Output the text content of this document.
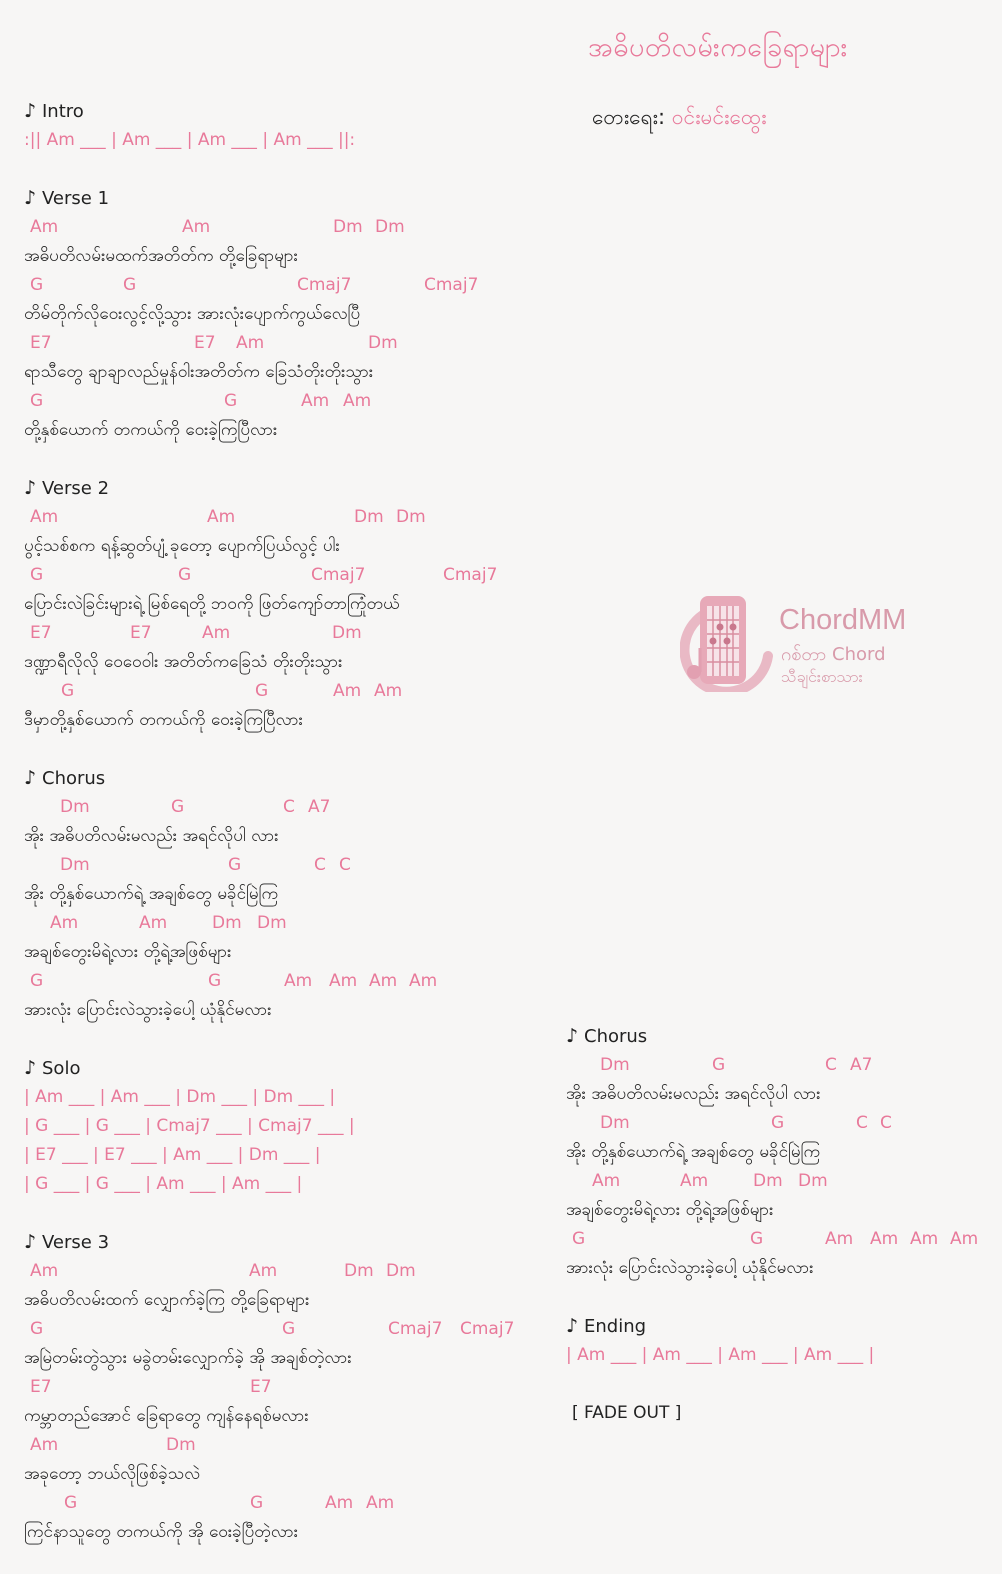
အဓိပတိလမ်းကခြေရာများ
တေးရေး: ဝင်းမင်းထွေး
ChordMM
ဂစ်တာ Chord
သီချင်းစာသား
♪ Intro
:|| Am ___ | Am ___ | Am ___ | Am ___ ||:
♪ Verse 1
Am	Am	Dm Dm
အဓိပတိလမ်းမထက်အတိတ်က တို့ခြေရာများ
G	G	Cmaj7	Cmaj7
တိမ်တိုက်လိုဝေးလွင့်လို့သွား အားလုံးပျောက်ကွယ်လေပြီ
E7	E7 Am	Dm
ရာသီတွေ ချာချာလည်မှုန်ဝါးအတိတ်က ခြေသံတိုးတိုးသွား
G	G	Am Am
တို့နှစ်ယောက် တကယ်ကို ဝေးခဲ့ကြပြီလား
♪ Verse 2
Am	Am	Dm Dm
ပွင့်သစ်စက ရန့်ဆွတ်ပျံ့ ခုတော့ ပျောက်ပြယ်လွင့် ပါး
G	G	Cmaj7	Cmaj7
ပြောင်းလဲခြင်းများရဲ့ မြစ်ရေတို့ ဘဝကို ဖြတ်ကျော်တာကြုံတယ်
E7	E7	Am	Dm
ဒဏ္ဍာရီလိုလို ဝေဝေဝါး အတိတ်ကခြေသံ တိုးတိုးသွား
G	G	Am Am
ဒီမှာတို့နှစ်ယောက် တကယ်ကို ဝေးခဲ့ကြပြီလား
♪ Chorus
Dm	G	C A7
အိုး အဓိပတိလမ်းမလည်း အရင်လိုပါ လား
Dm	G	C C
အိုး တို့နှစ်ယောက်ရဲ့ အချစ်တွေ မခိုင်မြဲကြ
Am	Am	Dm Dm
အချစ်တွေးမိရဲ့လား တို့ရဲ့အဖြစ်များ
G	G	Am Am Am Am
အားလုံး ပြောင်းလဲသွားခဲ့ပေါ့ ယုံနိုင်မလား
♪ Solo
| Am ___ | Am ___ | Dm ___ | Dm ___ |
| G ___ | G ___ | Cmaj7 ___ | Cmaj7 ___ |
| E7 ___ | E7 ___ | Am ___ | Dm ___ |
| G ___ | G ___ | Am ___ | Am ___ |
♪ Verse 3
Am	Am	Dm Dm
အဓိပတိလမ်းထက် လျှောက်ခဲ့ကြ တို့ခြေရာများ
G	G	Cmaj7 Cmaj7
အမြဲတမ်းတွဲသွား မခွဲတမ်းလျှောက်ခဲ့ အို အချစ်တဲ့လား
E7	E7
ကမ္ဘာတည်အောင် ခြေရာတွေ ကျန်နေရစ်မလား
Am	Dm
အခုတော့ ဘယ်လိုဖြစ်ခဲ့သလဲ
G	G	Am Am
ကြင်နာသူတွေ တကယ်ကို အို ဝေးခဲ့ပြီတဲ့လား
♪ Chorus
Dm	G	C A7
အိုး အဓိပတိလမ်းမလည်း အရင်လိုပါ လား
Dm	G	C C
အိုး တို့နှစ်ယောက်ရဲ့ အချစ်တွေ မခိုင်မြဲကြ
Am	Am	Dm Dm
အချစ်တွေးမိရဲ့လား တို့ရဲ့အဖြစ်များ
G	G	Am Am Am Am
အားလုံး ပြောင်းလဲသွားခဲ့ပေါ့ ယုံနိုင်မလား
♪ Ending
| Am ___ | Am ___ | Am ___ | Am ___ |
[ FADE OUT ]
